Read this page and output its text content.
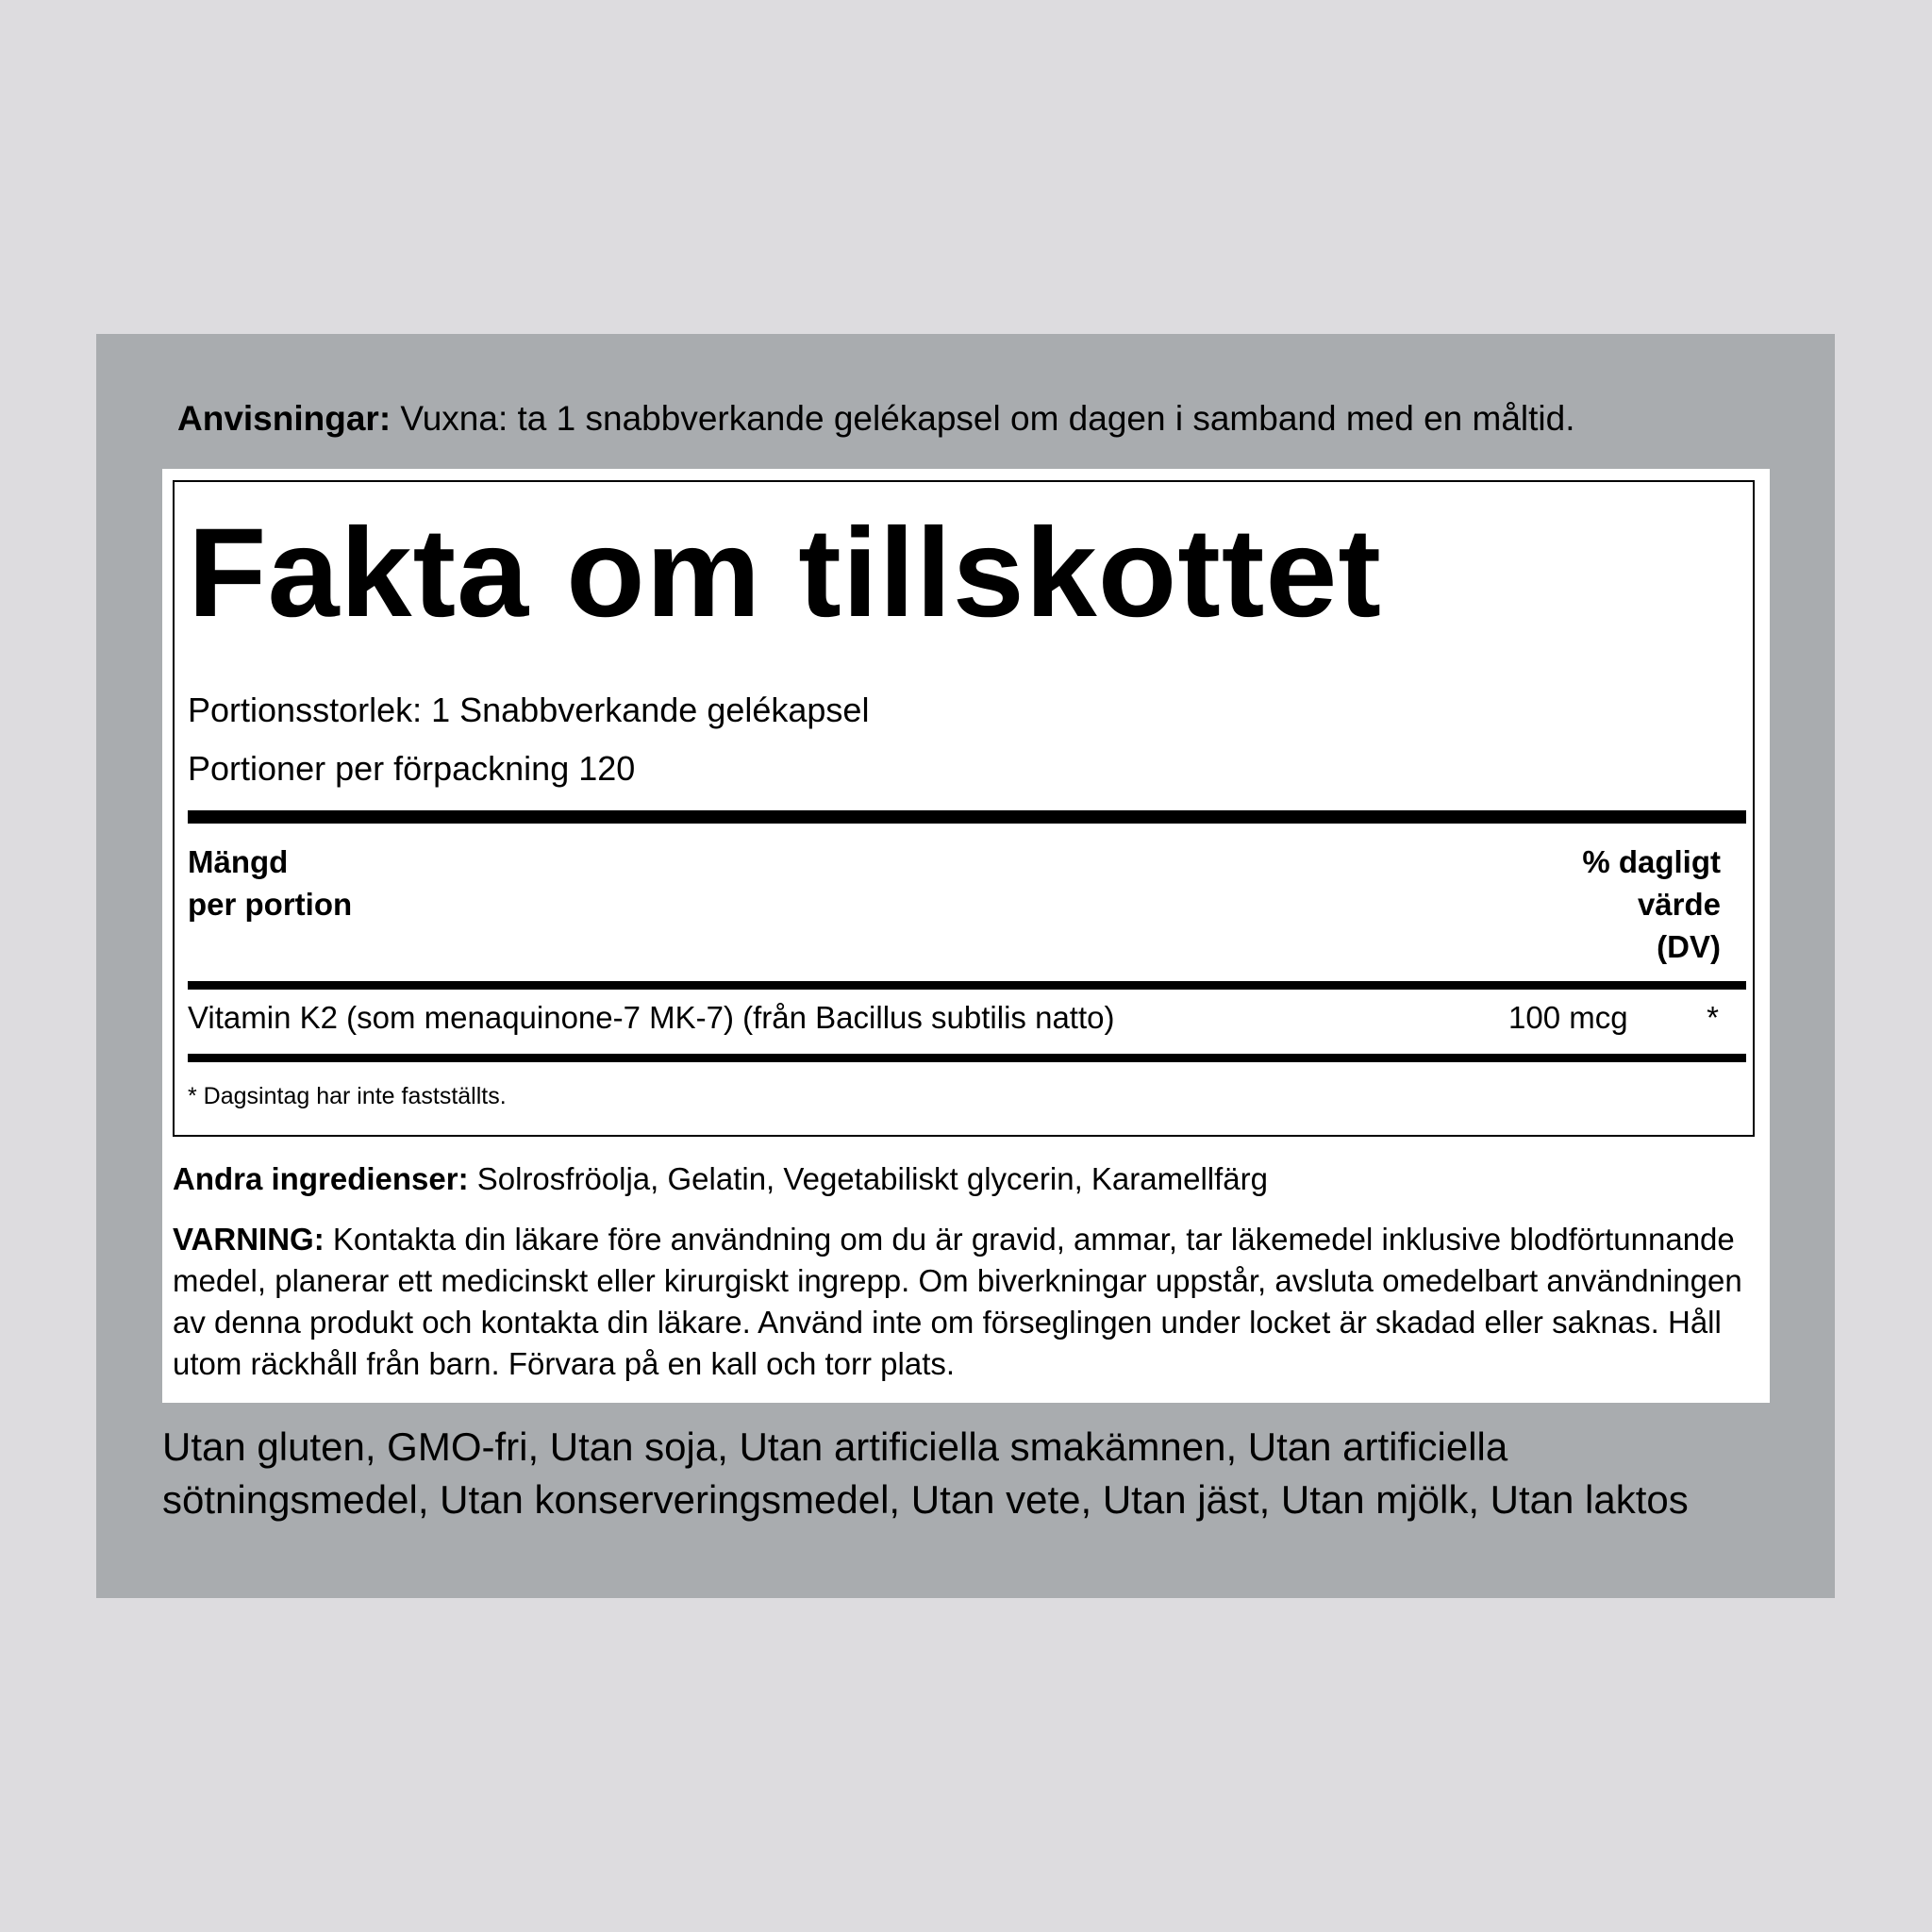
Anvisningar: Vuxna: ta 1 snabbverkande gelékapsel om dagen i samband med en måltid.
Fakta om tillskottet
Portionsstorlek: 1 Snabbverkande gelékapsel
Portioner per förpackning 120
Mängd
per portion
% dagligt
värde
(DV)
Vitamin K2 (som menaquinone-7 MK-7) (från Bacillus subtilis natto)	100 mcg	*
* Dagsintag har inte fastställts.
Andra ingredienser: Solrosfröolja, Gelatin, Vegetabiliskt glycerin, Karamellfärg
VARNING: Kontakta din läkare före användning om du är gravid, ammar, tar läkemedel inklusive blodförtunnande medel, planerar ett medicinskt eller kirurgiskt ingrepp. Om biverkningar uppstår, avsluta omedelbart användningen av denna produkt och kontakta din läkare. Använd inte om förseglingen under locket är skadad eller saknas. Håll utom räckhåll från barn. Förvara på en kall och torr plats.
Utan gluten, GMO-fri, Utan soja, Utan artificiella smakämnen, Utan artificiella sötningsmedel, Utan konserveringsmedel, Utan vete, Utan jäst, Utan mjölk, Utan laktos
